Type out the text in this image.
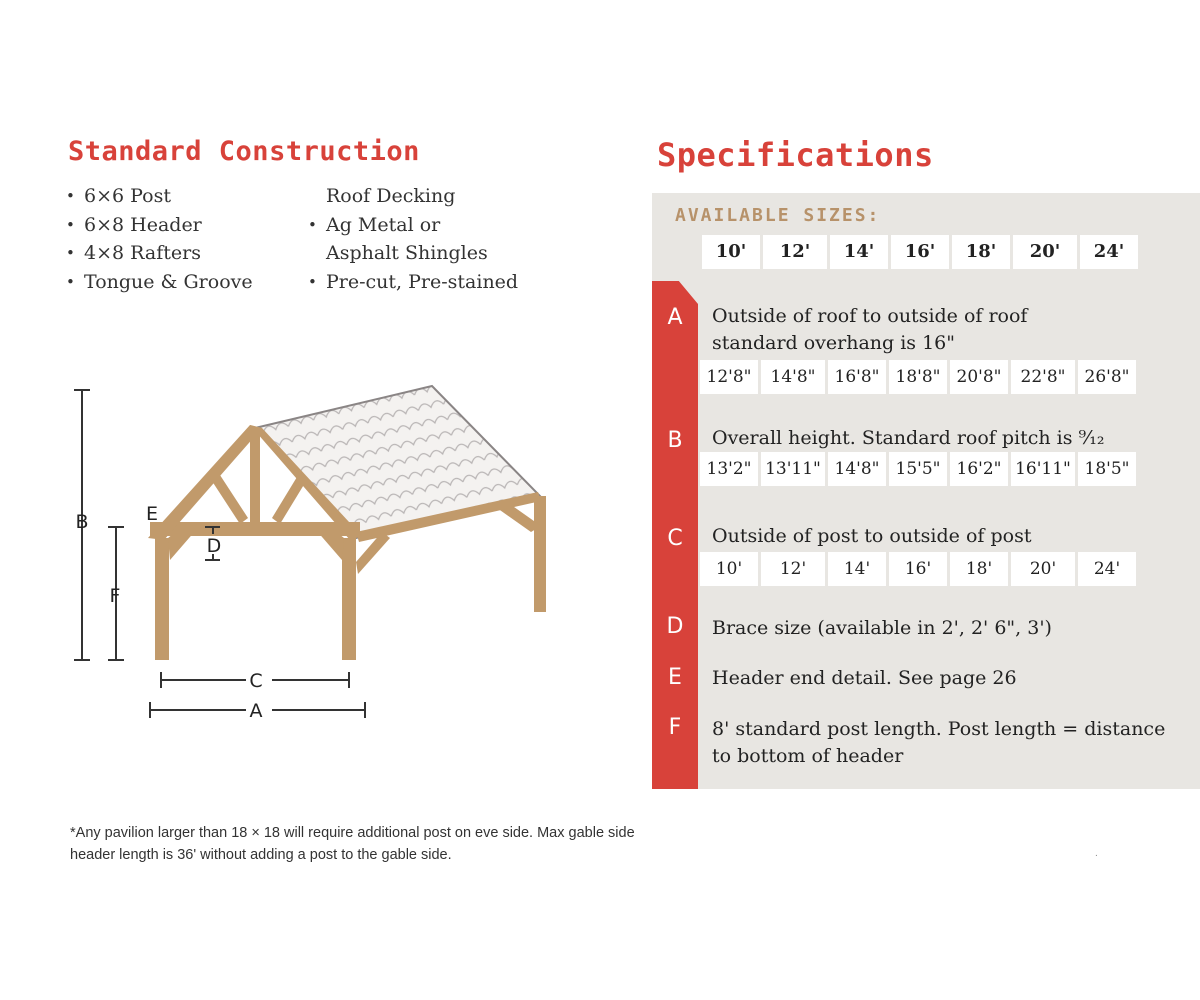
Standard Construction
• 6×6 Post
• 6×8 Header
• 4×8 Rafters
• Tongue & Groove
Roof Decking
• Ag Metal or
Asphalt Shingles
• Pre-cut, Pre-stained
B
F
E
D
C
A

*Any pavilion larger than 18 × 18 will require additional post on eve side. Max gable side header length is 36' without adding a post to the gable side.	.
Specifications
AVAILABLE SIZES:
10'	12'	14'	16'	18'	20'	24'
A
B
C
D
E
F

Outside of roof to outside of roof

standard overhang is 16"

12'8"	14'8"	16'8" 18'8" 20'8"	22'8"	26'8"

Overall height. Standard roof pitch is ⁹⁄₁₂

13'2" 13'11" 14'8" 15'5" 16'2" 16'11" 18'5"

Outside of post to outside of post

10'	12'	14'	16'	18'	20'	24'

Brace size (available in 2', 2' 6", 3')

Header end detail. See page 26

8' standard post length. Post length = distance

to bottom of header
